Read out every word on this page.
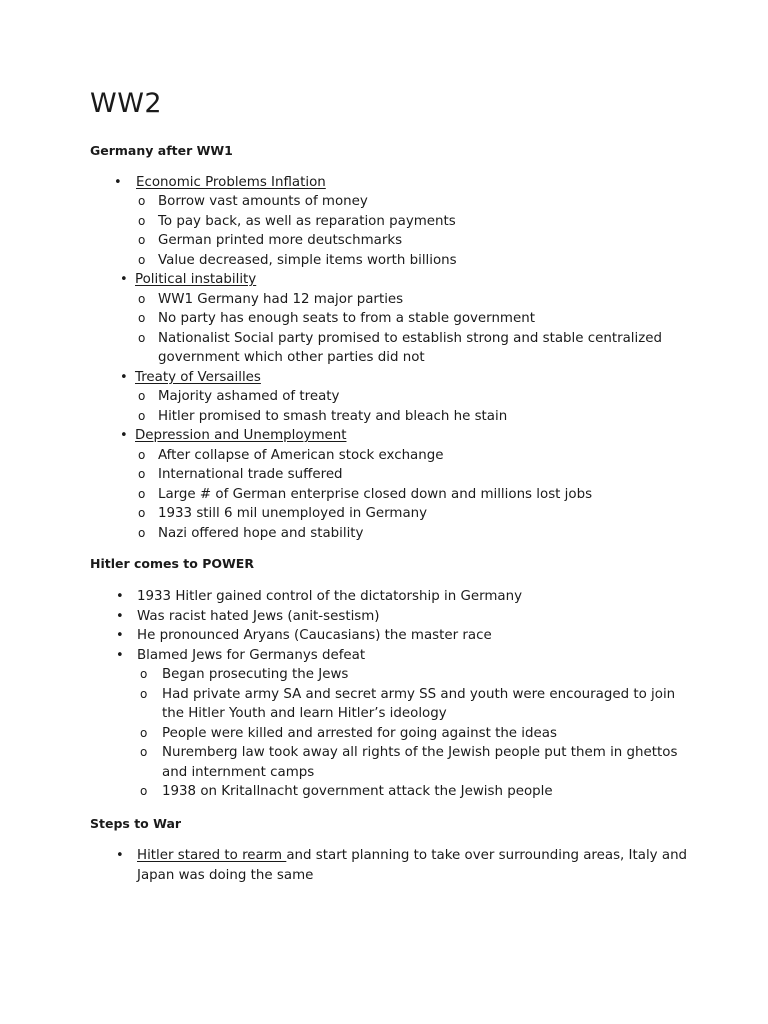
WW2
Germany after WW1
• Economic Problems Inflation
o Borrow vast amounts of money
o To pay back, as well as reparation payments
o German printed more deutschmarks
o Value decreased, simple items worth billions
• Political instability
o WW1 Germany had 12 major parties
o No party has enough seats to from a stable government
o Nationalist Social party promised to establish strong and stable centralized
government which other parties did not
• Treaty of Versailles
o Majority ashamed of treaty
o Hitler promised to smash treaty and bleach he stain
• Depression and Unemployment
o After collapse of American stock exchange
o International trade suffered
o Large # of German enterprise closed down and millions lost jobs
o 1933 still 6 mil unemployed in Germany
o Nazi offered hope and stability
Hitler comes to POWER
• 1933 Hitler gained control of the dictatorship in Germany
• Was racist hated Jews (anit-sestism)
• He pronounced Aryans (Caucasians) the master race
• Blamed Jews for Germanys defeat
o Began prosecuting the Jews
o Had private army SA and secret army SS and youth were encouraged to join
the Hitler Youth and learn Hitler’s ideology
o People were killed and arrested for going against the ideas
o Nuremberg law took away all rights of the Jewish people put them in ghettos
and internment camps
o 1938 on Kritallnacht government attack the Jewish people
Steps to War
• Hitler stared to rearm and start planning to take over surrounding areas, Italy and
Japan was doing the same
